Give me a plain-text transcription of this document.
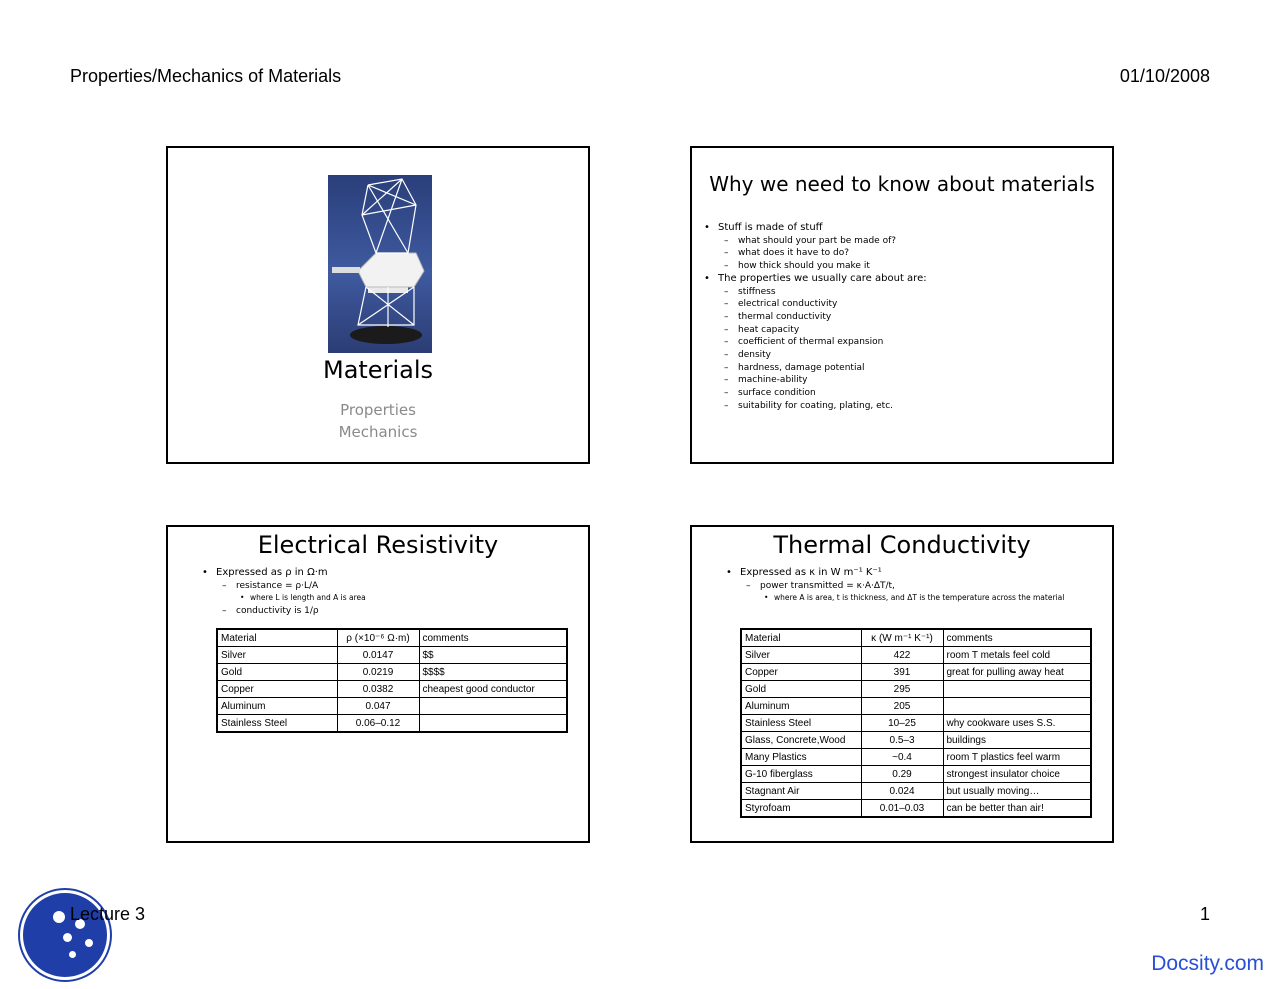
Properties/Mechanics of Materials	01/10/2008
Materials
Properties
Mechanics
Why we need to know about materials
• Stuff is made of stuff
– what should your part be made of?
– what does it have to do?
– how thick should you make it
• The properties we usually care about are:
– stiffness
– electrical conductivity
– thermal conductivity
– heat capacity
– coefficient of thermal expansion
– density
– hardness, damage potential
– machine-ability
– surface condition
– suitability for coating, plating, etc.
Electrical Resistivity
• Expressed as ρ in Ω·m
– resistance = ρ·L/A
• where L is length and A is area
– conductivity is 1/ρ
Material	ρ (×10⁻⁶ Ω·m)	comments
Silver	0.0147	$$
Gold	0.0219	$$$$
Copper	0.0382	cheapest good conductor
Aluminum	0.047	
Stainless Steel	0.06–0.12	
Thermal Conductivity
• Expressed as κ in W m⁻¹ K⁻¹
– power transmitted = κ·A·ΔT/t,
• where A is area, t is thickness, and ΔT is the temperature across the material
Material	κ (W m⁻¹ K⁻¹)	comments
Silver	422	room T metals feel cold
Copper	391	great for pulling away heat
Gold	295	
Aluminum	205	
Stainless Steel	10–25	why cookware uses S.S.
Glass, Concrete,Wood	0.5–3	buildings
Many Plastics	~0.4	room T plastics feel warm
G-10 fiberglass	0.29	strongest insulator choice
Stagnant Air	0.024	but usually moving…
Styrofoam	0.01–0.03	can be better than air!
Lecture 3	1
Docsity.com
